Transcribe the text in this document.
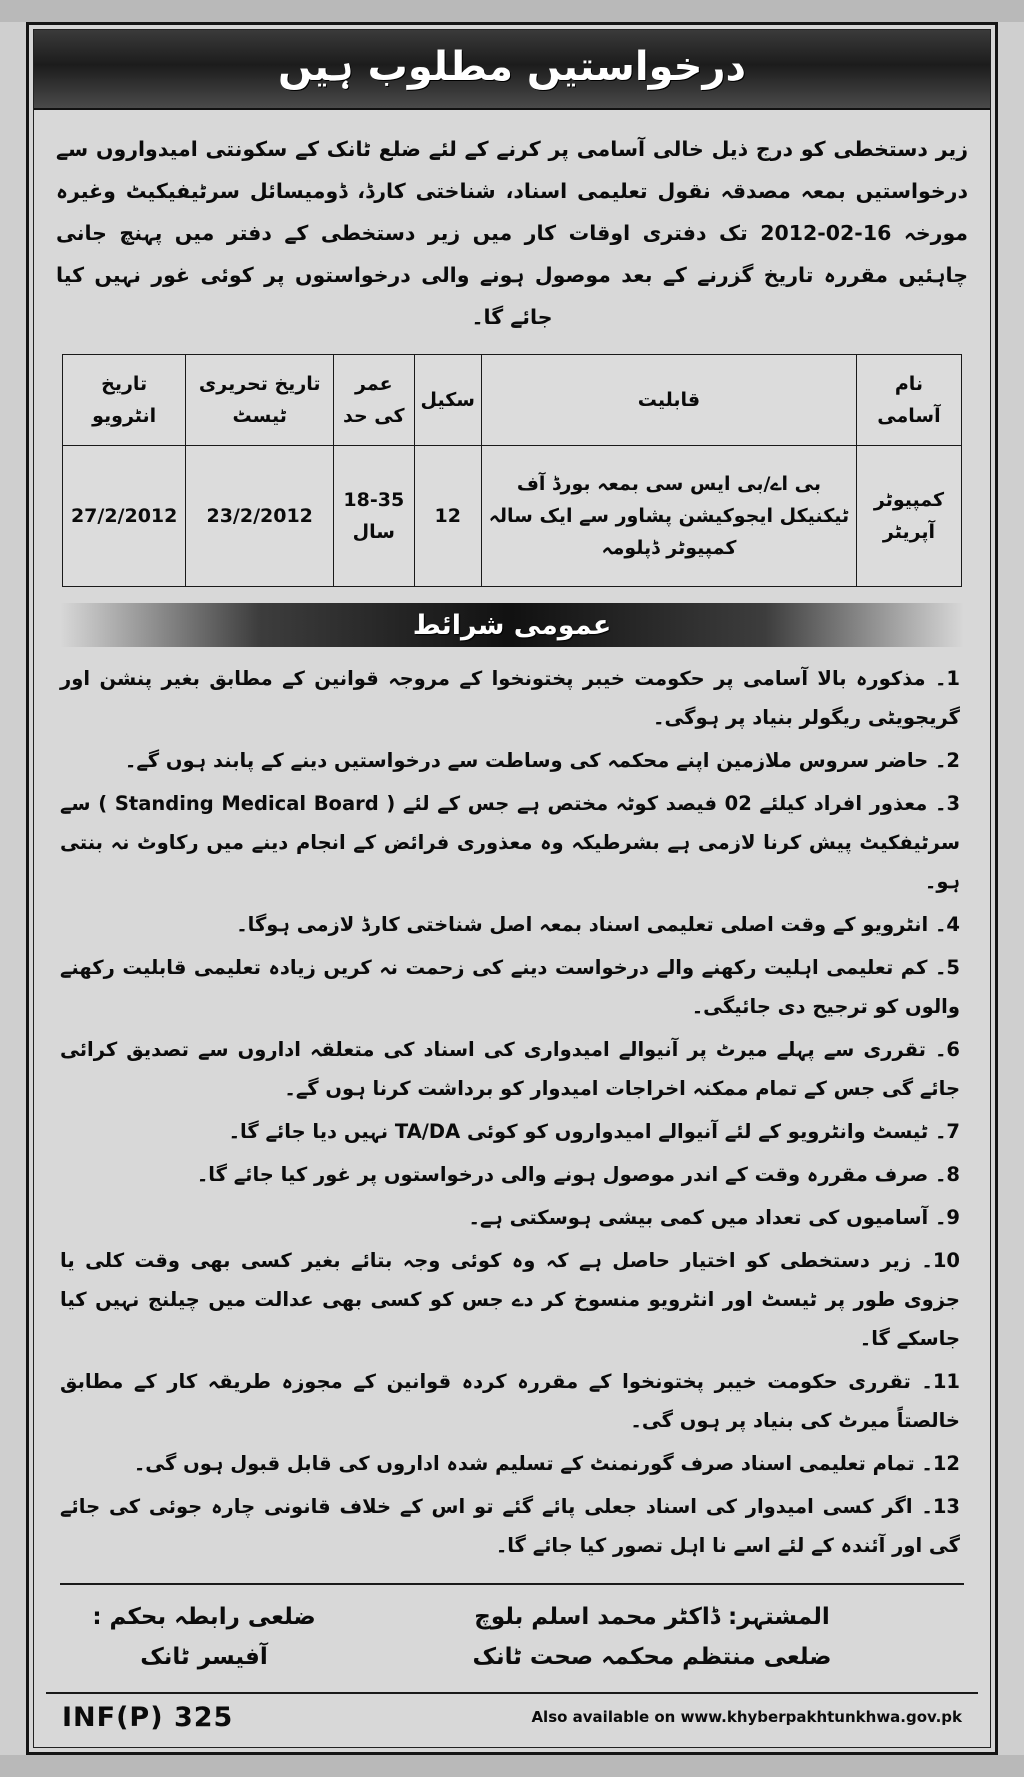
درخواستیں مطلوب ہیں
زیر دستخطی کو درج ذیل خالی آسامی پر کرنے کے لئے ضلع ٹانک کے سکونتی امیدواروں سے درخواستیں بمعہ مصدقہ نقول تعلیمی اسناد، شناختی کارڈ، ڈومیسائل سرٹیفیکیٹ وغیرہ مورخہ 16-02-2012 تک دفتری اوقات کار میں زیر دستخطی کے دفتر میں پہنچ جانی چاہئیں مقررہ تاریخ گزرنے کے بعد موصول ہونے والی درخواستوں پر کوئی غور نہیں کیا جائے گا۔
نام آسامی	قابلیت	سکیل	عمر کی حد	تاریخ تحریری ٹیسٹ	تاریخ انٹرویو
کمپیوٹر آپریٹر	بی اے/بی ایس سی بمعہ بورڈ آف ٹیکنیکل ایجوکیشن پشاور سے ایک سالہ کمپیوٹر ڈپلومہ	12	18-35 سال	23/2/2012	27/2/2012
عمومی شرائط
1۔ مذکورہ بالا آسامی پر حکومت خیبر پختونخوا کے مروجہ قوانین کے مطابق بغیر پنشن اور گریجویٹی ریگولر بنیاد پر ہوگی۔
2۔ حاضر سروس ملازمین اپنے محکمہ کی وساطت سے درخواستیں دینے کے پابند ہوں گے۔
3۔ معذور افراد کیلئے 02 فیصد کوٹہ مختص ہے جس کے لئے ( Standing Medical Board ) سے سرٹیفکیٹ پیش کرنا لازمی ہے بشرطیکہ وہ معذوری فرائض کے انجام دینے میں رکاوٹ نہ بنتی ہو۔
4۔ انٹرویو کے وقت اصلی تعلیمی اسناد بمعہ اصل شناختی کارڈ لازمی ہوگا۔
5۔ کم تعلیمی اہلیت رکھنے والے درخواست دینے کی زحمت نہ کریں زیادہ تعلیمی قابلیت رکھنے والوں کو ترجیح دی جائیگی۔
6۔ تقرری سے پہلے میرٹ پر آنیوالے امیدواری کی اسناد کی متعلقہ اداروں سے تصدیق کرائی جائے گی جس کے تمام ممکنہ اخراجات امیدوار کو برداشت کرنا ہوں گے۔
7۔ ٹیسٹ وانٹرویو کے لئے آنیوالے امیدواروں کو کوئی TA/DA نہیں دیا جائے گا۔
8۔ صرف مقررہ وقت کے اندر موصول ہونے والی درخواستوں پر غور کیا جائے گا۔
9۔ آسامیوں کی تعداد میں کمی بیشی ہوسکتی ہے۔
10۔ زیر دستخطی کو اختیار حاصل ہے کہ وہ کوئی وجہ بتائے بغیر کسی بھی وقت کلی یا جزوی طور پر ٹیسٹ اور انٹرویو منسوخ کر دے جس کو کسی بھی عدالت میں چیلنج نہیں کیا جاسکے گا۔
11۔ تقرری حکومت خیبر پختونخوا کے مقررہ کردہ قوانین کے مجوزہ طریقہ کار کے مطابق خالصتاً میرٹ کی بنیاد پر ہوں گی۔
12۔ تمام تعلیمی اسناد صرف گورنمنٹ کے تسلیم شدہ اداروں کی قابل قبول ہوں گی۔
13۔ اگر کسی امیدوار کی اسناد جعلی پائے گئے تو اس کے خلاف قانونی چارہ جوئی کی جائے گی اور آئندہ کے لئے اسے نا اہل تصور کیا جائے گا۔
المشتہر: ڈاکٹر محمد اسلم بلوچ
ضلعی منتظم محکمہ صحت ٹانک
ضلعی رابطہ بحکم :
آفیسر ٹانک
INF(P) 325	Also available on www.khyberpakhtunkhwa.gov.pk
